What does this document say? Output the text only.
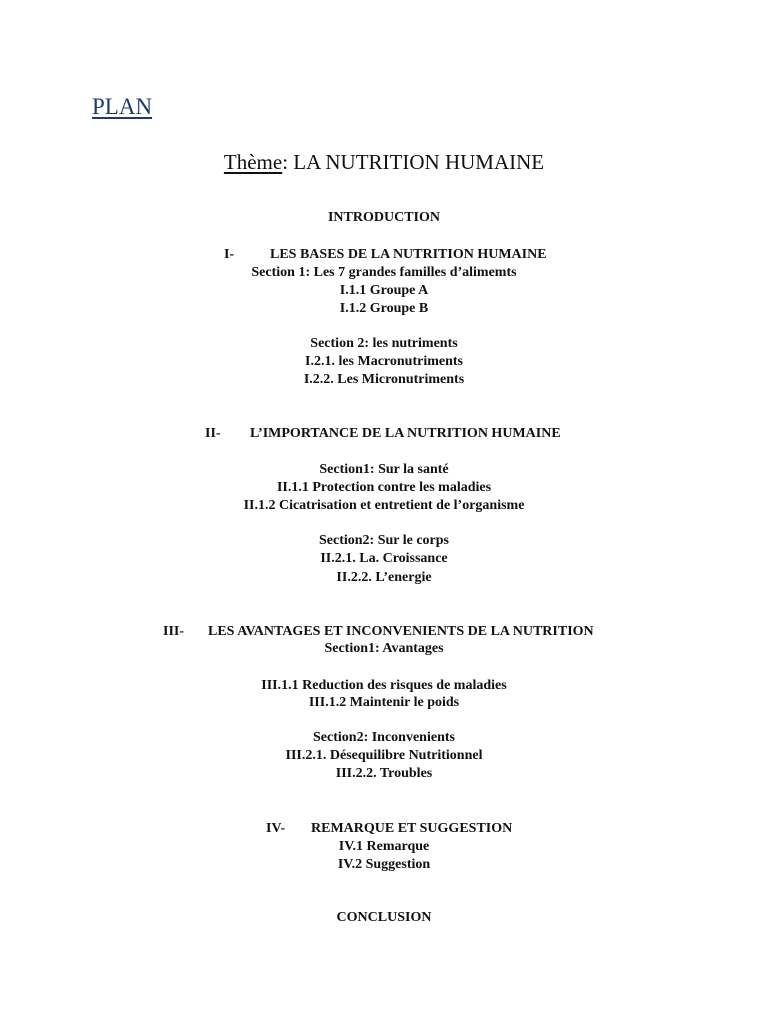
PLAN
Thème: LA NUTRITION HUMAINE
INTRODUCTION
I-	LES BASES DE LA NUTRITION HUMAINE
Section 1: Les 7 grandes familles d’alimemts
I.1.1 Groupe A
I.1.2 Groupe B
Section 2: les nutriments
I.2.1. les Macronutriments
I.2.2. Les Micronutriments
II- L’IMPORTANCE DE LA NUTRITION HUMAINE
Section1: Sur la santé
II.1.1 Protection contre les maladies
II.1.2 Cicatrisation et entretient de l’organisme
Section2: Sur le corps
II.2.1. La. Croissance
II.2.2. L’energie
III- LES AVANTAGES ET INCONVENIENTS DE LA NUTRITION
Section1: Avantages
III.1.1 Reduction des risques de maladies
III.1.2 Maintenir le poids
Section2: Inconvenients
III.2.1. Désequilibre Nutritionnel
III.2.2. Troubles
IV- REMARQUE ET SUGGESTION
IV.1 Remarque
IV.2 Suggestion
CONCLUSION
